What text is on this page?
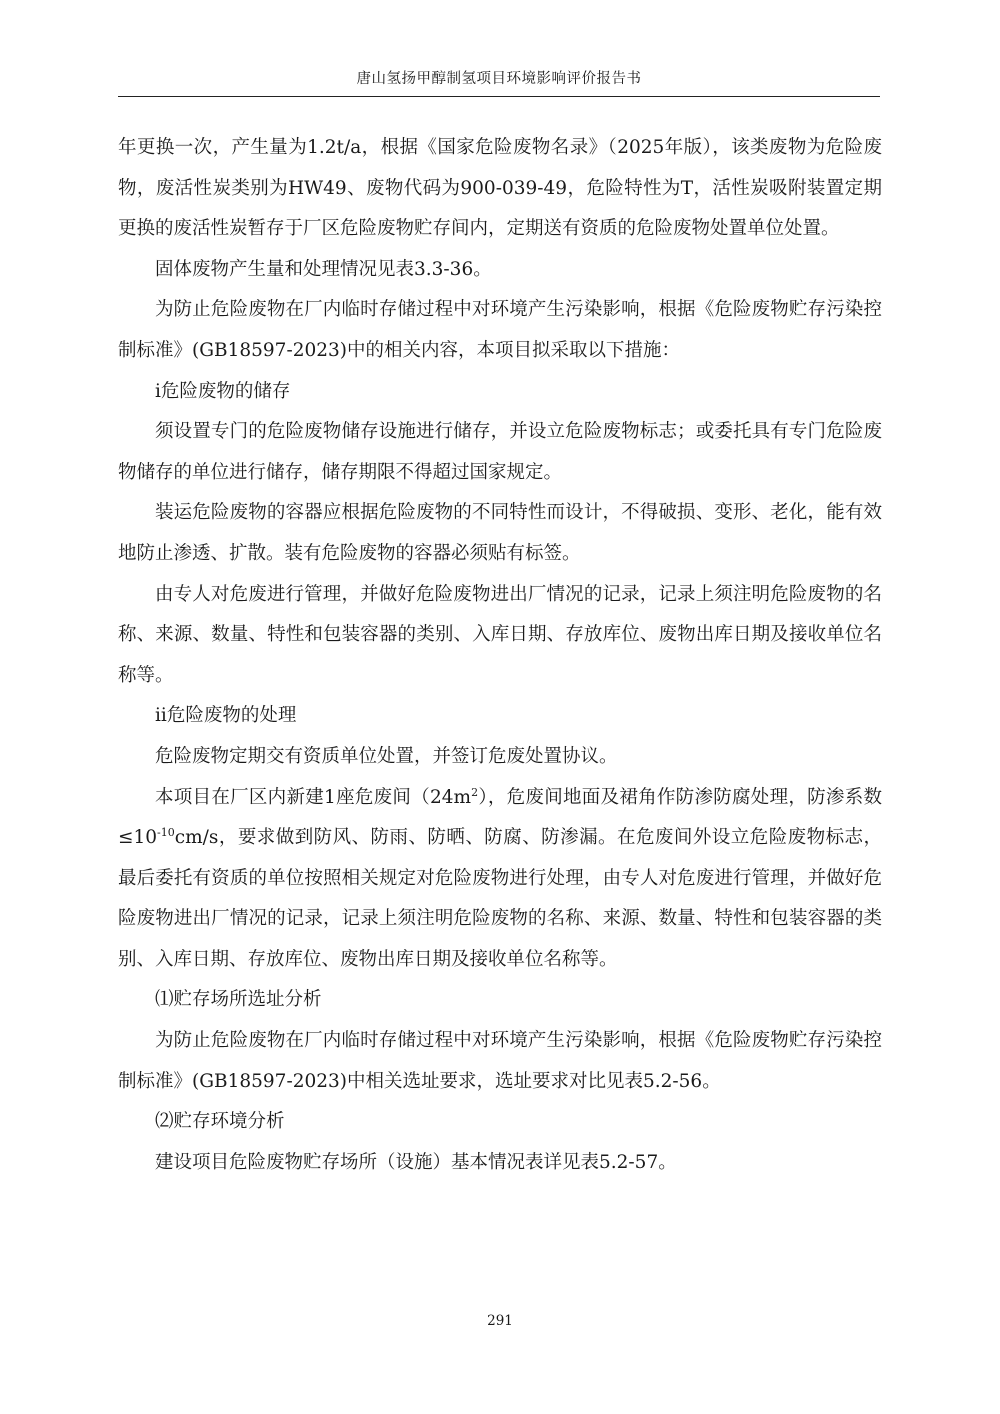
唐山氢扬甲醇制氢项目环境影响评价报告书

年更换一次，产生量为1.2t/a，根据《国家危险废物名录》（2025年版），该类废物为危险废物，废活性炭类别为HW49、废物代码为900-039-49，危险特性为T，活性炭吸附装置定期更换的废活性炭暂存于厂区危险废物贮存间内，定期送有资质的危险废物处置单位处置。

固体废物产生量和处理情况见表3.3-36。

为防止危险废物在厂内临时存储过程中对环境产生污染影响，根据《危险废物贮存污染控制标准》(GB18597-2023)中的相关内容，本项目拟采取以下措施：

i危险废物的储存

须设置专门的危险废物储存设施进行储存，并设立危险废物标志；或委托具有专门危险废物储存的单位进行储存，储存期限不得超过国家规定。

装运危险废物的容器应根据危险废物的不同特性而设计，不得破损、变形、老化，能有效地防止渗透、扩散。装有危险废物的容器必须贴有标签。

由专人对危废进行管理，并做好危险废物进出厂情况的记录，记录上须注明危险废物的名称、来源、数量、特性和包装容器的类别、入库日期、存放库位、废物出库日期及接收单位名称等。

ii危险废物的处理

危险废物定期交有资质单位处置，并签订危废处置协议。

本项目在厂区内新建1座危废间$(24m^2)$，危废间地面及裙角作防渗防腐处理，防渗系数$\le 10^{-10}cm/s$，要求做到防风、防雨、防晒、防腐、防渗漏。在危废间外设立危险废物标志，最后委托有资质的单位按照相关规定对危险废物进行处理，由专人对危废进行管理，并做好危险废物进出厂情况的记录，记录上须注明危险废物的名称、来源、数量、特性和包装容器的类别、入库日期、存放库位、废物出库日期及接收单位名称等。

⑴贮存场所选址分析

为防止危险废物在厂内临时存储过程中对环境产生污染影响，根据《危险废物贮存污染控制标准》(GB18597-2023)中相关选址要求，选址要求对比见表5.2-56。

⑵贮存环境分析

建设项目危险废物贮存场所（设施）基本情况表详见表5.2-57。

291
